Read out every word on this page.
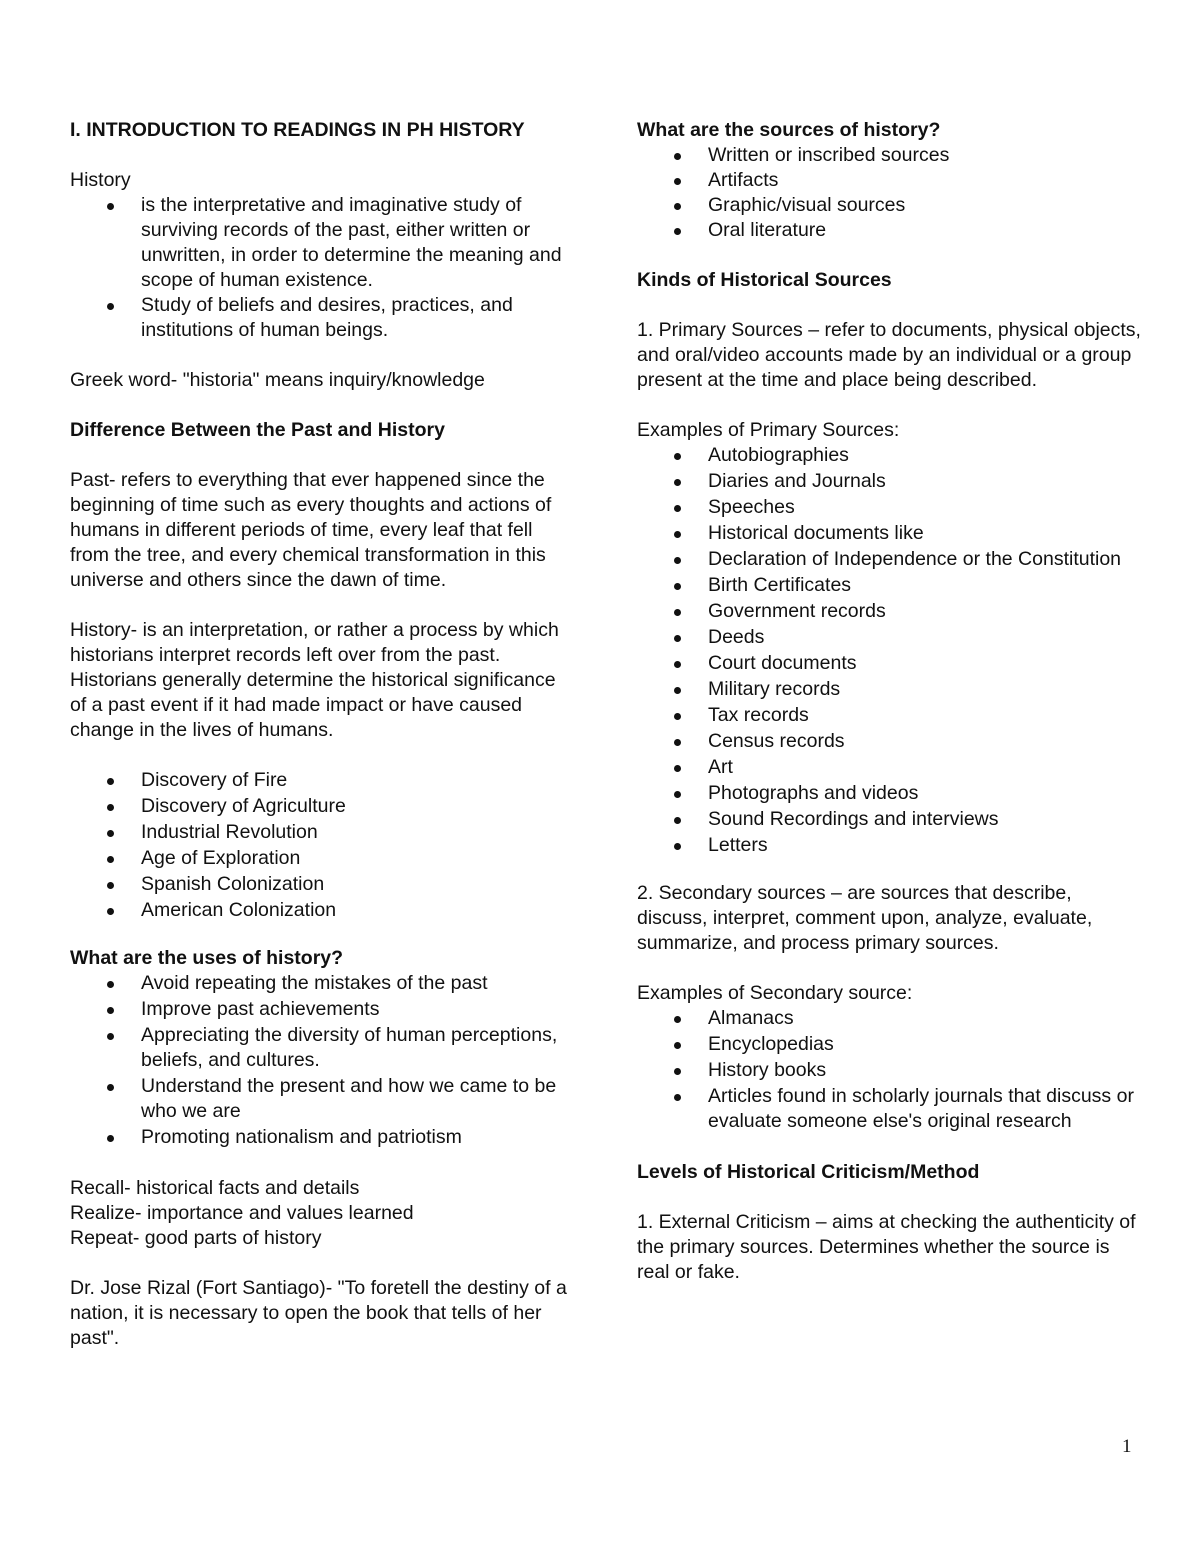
I. INTRODUCTION TO READINGS IN PH HISTORY

History

is the interpretative and imaginative study of surviving records of the past, either written or unwritten, in order to determine the meaning and scope of human existence.
Study of beliefs and desires, practices, and institutions of human beings.

Greek word- "historia" means inquiry/knowledge

Difference Between the Past and History

Past- refers to everything that ever happened since the beginning of time such as every thoughts and actions of humans in different periods of time, every leaf that fell from the tree, and every chemical transformation in this universe and others since the dawn of time.

History- is an interpretation, or rather a process by which historians interpret records left over from the past. Historians generally determine the historical significance of a past event if it had made impact or have caused change in the lives of humans.

Discovery of Fire
Discovery of Agriculture
Industrial Revolution
Age of Exploration
Spanish Colonization
American Colonization

What are the uses of history?

Avoid repeating the mistakes of the past
Improve past achievements
Appreciating the diversity of human perceptions, beliefs, and cultures.
Understand the present and how we came to be who we are
Promoting nationalism and patriotism

Recall- historical facts and details

Realize- importance and values learned

Repeat- good parts of history

Dr. Jose Rizal (Fort Santiago)- "To foretell the destiny of a nation, it is necessary to open the book that tells of her past".

What are the sources of history?

Written or inscribed sources
Artifacts
Graphic/visual sources
Oral literature

Kinds of Historical Sources

1. Primary Sources – refer to documents, physical objects, and oral/video accounts made by an individual or a group present at the time and place being described.

Examples of Primary Sources:

Autobiographies
Diaries and Journals
Speeches
Historical documents like
Declaration of Independence or the Constitution
Birth Certificates
Government records
Deeds
Court documents
Military records
Tax records
Census records
Art
Photographs and videos
Sound Recordings and interviews
Letters

2. Secondary sources – are sources that describe, discuss, interpret, comment upon, analyze, evaluate, summarize, and process primary sources.

Examples of Secondary source:

Almanacs
Encyclopedias
History books
Articles found in scholarly journals that discuss or evaluate someone else's original research

Levels of Historical Criticism/Method

1. External Criticism – aims at checking the authenticity of the primary sources. Determines whether the source is real or fake.

1
